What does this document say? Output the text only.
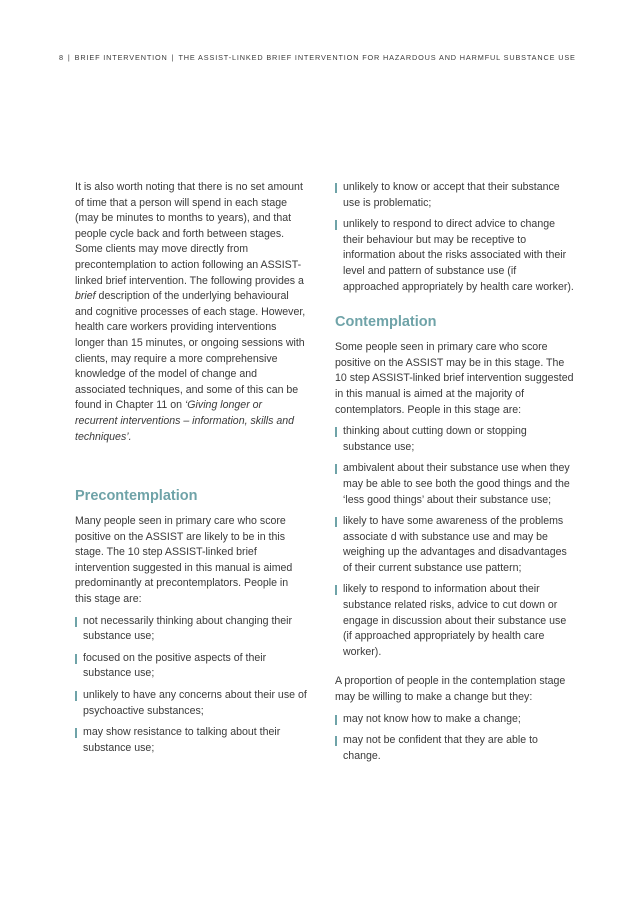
8 | BRIEF INTERVENTION | THE ASSIST-LINKED BRIEF INTERVENTION FOR HAZARDOUS AND HARMFUL SUBSTANCE USE

It is also worth noting that there is no set amount of time that a person will spend in each stage (may be minutes to months to years), and that people cycle back and forth between stages. Some clients may move directly from precontemplation to action following an ASSIST-linked brief intervention. The following provides a brief description of the underlying behavioural and cognitive processes of each stage. However, health care workers providing interventions longer than 15 minutes, or ongoing sessions with clients, may require a more comprehensive knowledge of the model of change and associated techniques, and some of this can be found in Chapter 11 on ‘Giving longer or recurrent interventions – information, skills and techniques’.

Precontemplation

Many people seen in primary care who score positive on the ASSIST are likely to be in this stage. The 10 step ASSIST-linked brief intervention suggested in this manual is aimed predominantly at precontemplators. People in this stage are:

not necessarily thinking about changing their substance use;
focused on the positive aspects of their substance use;
unlikely to have any concerns about their use of psychoactive substances;
may show resistance to talking about their substance use;
unlikely to know or accept that their substance use is problematic;
unlikely to respond to direct advice to change their behaviour but may be receptive to information about the risks associated with their level and pattern of substance use (if approached appropriately by health care worker).
Contemplation

Some people seen in primary care who score positive on the ASSIST may be in this stage. The 10 step ASSIST-linked brief intervention suggested in this manual is aimed at the majority of contemplators. People in this stage are:

thinking about cutting down or stopping substance use;
ambivalent about their substance use when they may be able to see both the good things and the ‘less good things’ about their substance use;
likely to have some awareness of the problems associate d with substance use and may be weighing up the advantages and disadvantages of their current substance use pattern;
likely to respond to information about their substance related risks, advice to cut down or engage in discussion about their substance use (if approached appropriately by health care worker).

A proportion of people in the contemplation stage may be willing to make a change but they:

may not know how to make a change;
may not be confident that they are able to change.
